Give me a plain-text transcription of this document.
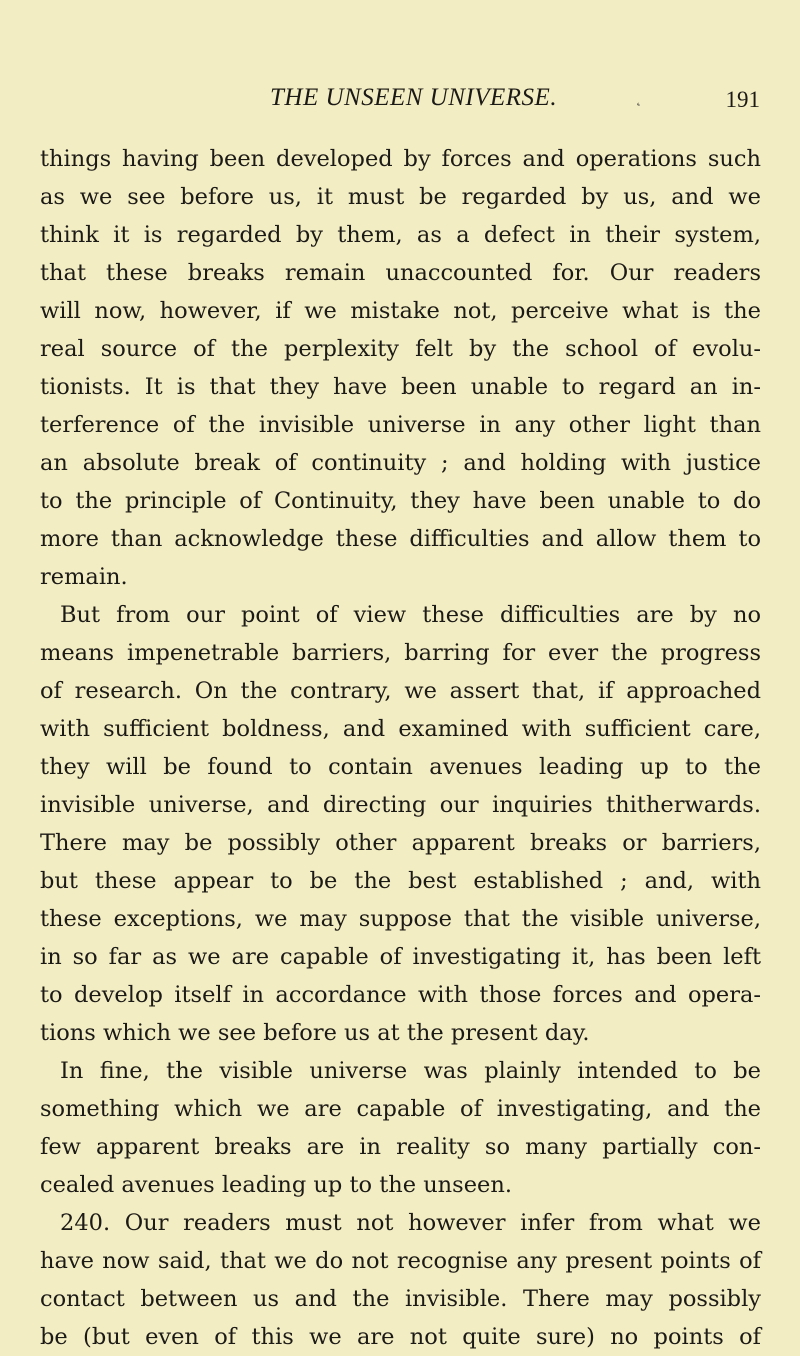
THE UNSEEN UNIVERSE.	˛	191
things having been developed by forces and operations such
as we see before us, it must be regarded by us, and we
think it is regarded by them, as a defect in their system,
that these breaks remain unaccounted for. Our readers
will now, however, if we mistake not, perceive what is the
real source of the perplexity felt by the school of evolu-
tionists. It is that they have been unable to regard an in-
terference of the invisible universe in any other light than
an absolute break of continuity ; and holding with justice
to the principle of Continuity, they have been unable to do
more than acknowledge these difficulties and allow them to
remain.
But from our point of view these difficulties are by no
means impenetrable barriers, barring for ever the progress
of research. On the contrary, we assert that, if approached
with sufficient boldness, and examined with sufficient care,
they will be found to contain avenues leading up to the
invisible universe, and directing our inquiries thitherwards.
There may be possibly other apparent breaks or barriers,
but these appear to be the best established ; and, with
these exceptions, we may suppose that the visible universe,
in so far as we are capable of investigating it, has been left
to develop itself in accordance with those forces and opera-
tions which we see before us at the present day.
In fine, the visible universe was plainly intended to be
something which we are capable of investigating, and the
few apparent breaks are in reality so many partially con-
cealed avenues leading up to the unseen.
240. Our readers must not however infer from what we
have now said, that we do not recognise any present points of
contact between us and the invisible. There may possibly
be (but even of this we are not quite sure) no points of
